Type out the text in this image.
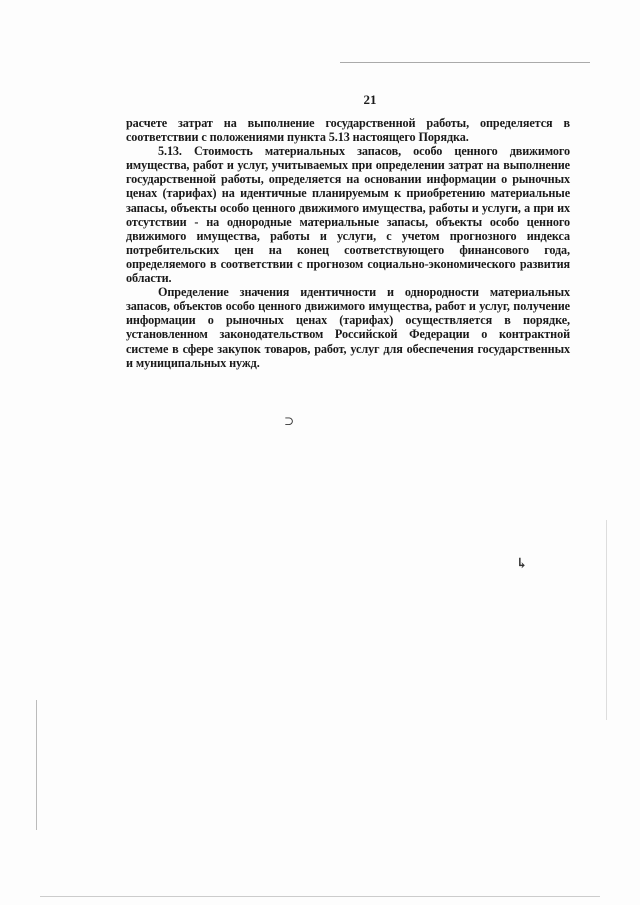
21

расчете затрат на выполнение государственной работы, определяется в соответствии с положениями пункта 5.13 настоящего Порядка.

5.13. Стоимость материальных запасов, особо ценного движимого имущества, работ и услуг, учитываемых при определении затрат на выполнение государственной работы, определяется на основании информации о рыночных ценах (тарифах) на идентичные планируемым к приобретению материальные запасы, объекты особо ценного движимого имущества, работы и услуги, а при их отсутствии - на однородные материальные запасы, объекты особо ценного движимого имущества, работы и услуги, с учетом прогнозного индекса потребительских цен на конец соответствующего финансового года, определяемого в соответствии с прогнозом социально-экономического развития области.

Определение значения идентичности и однородности материальных запасов, объектов особо ценного движимого имущества, работ и услуг, получение информации о рыночных ценах (тарифах) осуществляется в порядке, установленном законодательством Российской Федерации о контрактной системе в сфере закупок товаров, работ, услуг для обеспечения государственных и муниципальных нужд.

⊃
↳
